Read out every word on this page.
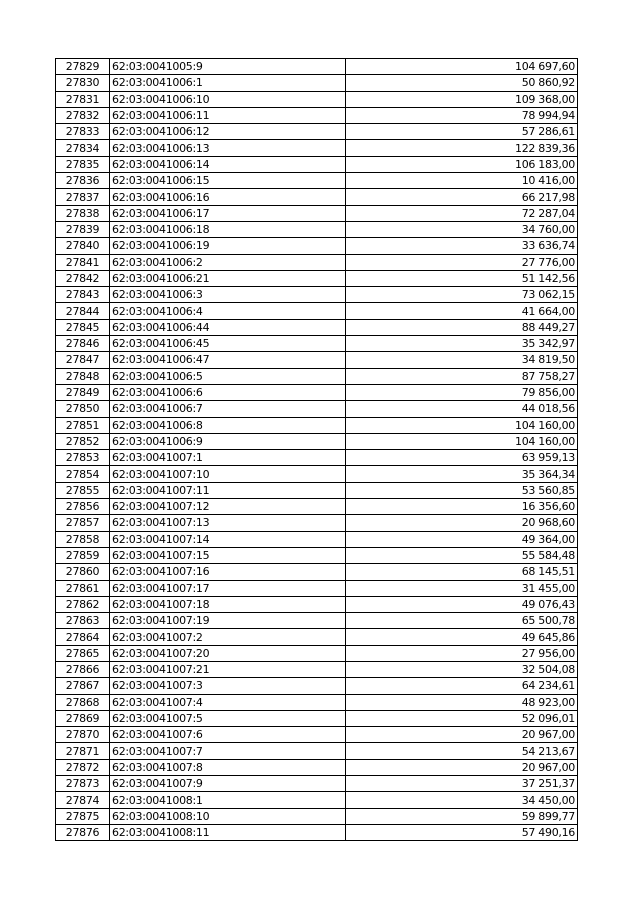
27829	62:03:0041005:9	104 697,60
27830	62:03:0041006:1	50 860,92
27831	62:03:0041006:10	109 368,00
27832	62:03:0041006:11	78 994,94
27833	62:03:0041006:12	57 286,61
27834	62:03:0041006:13	122 839,36
27835	62:03:0041006:14	106 183,00
27836	62:03:0041006:15	10 416,00
27837	62:03:0041006:16	66 217,98
27838	62:03:0041006:17	72 287,04
27839	62:03:0041006:18	34 760,00
27840	62:03:0041006:19	33 636,74
27841	62:03:0041006:2	27 776,00
27842	62:03:0041006:21	51 142,56
27843	62:03:0041006:3	73 062,15
27844	62:03:0041006:4	41 664,00
27845	62:03:0041006:44	88 449,27
27846	62:03:0041006:45	35 342,97
27847	62:03:0041006:47	34 819,50
27848	62:03:0041006:5	87 758,27
27849	62:03:0041006:6	79 856,00
27850	62:03:0041006:7	44 018,56
27851	62:03:0041006:8	104 160,00
27852	62:03:0041006:9	104 160,00
27853	62:03:0041007:1	63 959,13
27854	62:03:0041007:10	35 364,34
27855	62:03:0041007:11	53 560,85
27856	62:03:0041007:12	16 356,60
27857	62:03:0041007:13	20 968,60
27858	62:03:0041007:14	49 364,00
27859	62:03:0041007:15	55 584,48
27860	62:03:0041007:16	68 145,51
27861	62:03:0041007:17	31 455,00
27862	62:03:0041007:18	49 076,43
27863	62:03:0041007:19	65 500,78
27864	62:03:0041007:2	49 645,86
27865	62:03:0041007:20	27 956,00
27866	62:03:0041007:21	32 504,08
27867	62:03:0041007:3	64 234,61
27868	62:03:0041007:4	48 923,00
27869	62:03:0041007:5	52 096,01
27870	62:03:0041007:6	20 967,00
27871	62:03:0041007:7	54 213,67
27872	62:03:0041007:8	20 967,00
27873	62:03:0041007:9	37 251,37
27874	62:03:0041008:1	34 450,00
27875	62:03:0041008:10	59 899,77
27876	62:03:0041008:11	57 490,16
